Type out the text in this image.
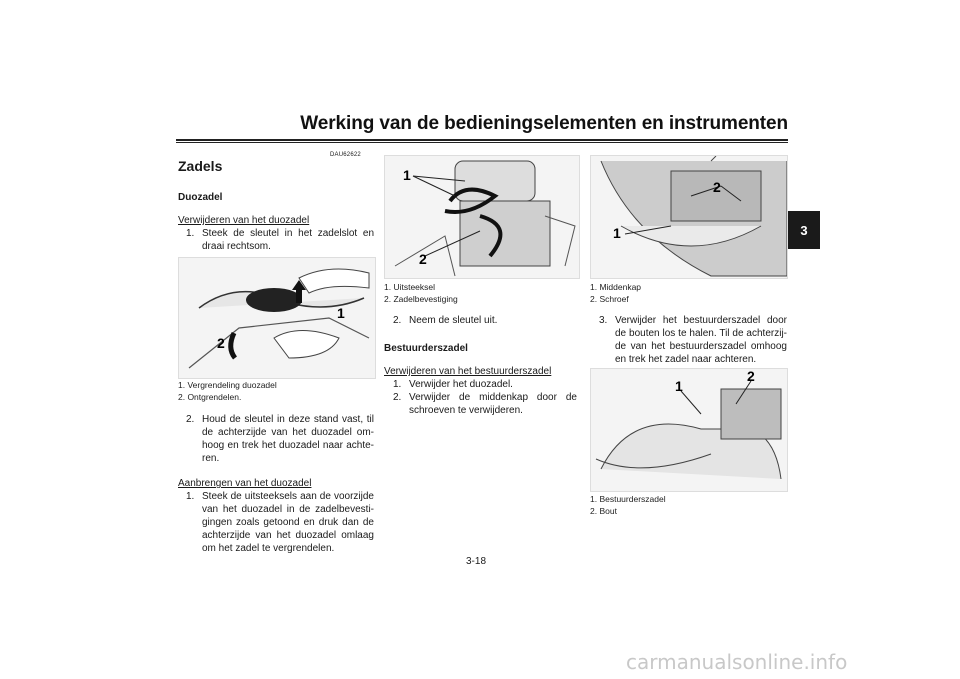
Werking van de bedieningselementen en instrumenten
3
DAU62622
Zadels
Duozadel
Verwijderen van het duozadel
1. Steek de sleutel in het zadelslot en draai rechtsom.
1
2
1. Vergrendeling duozadel
2. Ontgrendelen.
2. Houd de sleutel in deze stand vast, til de achterzijde van het duozadel om-hoog en trek het duozadel naar achte-ren.
Aanbrengen van het duozadel
1. Steek de uitsteeksels aan de voorzijde van het duozadel in de zadelbevesti-gingen zoals getoond en druk dan de achterzijde van het duozadel omlaag om het zadel te vergrendelen.
1
2
1. Uitsteeksel
2. Zadelbevestiging
2. Neem de sleutel uit.
Bestuurderszadel
Verwijderen van het bestuurderszadel
1. Verwijder het duozadel.
2. Verwijder de middenkap door de schroeven te verwijderen.
1
2
1. Middenkap
2. Schroef
3. Verwijder het bestuurderszadel door de bouten los te halen. Til de achterzij-de van het bestuurderszadel omhoog en trek het zadel naar achteren.
1
2
1. Bestuurderszadel
2. Bout
3-18
carmanualsonline.info
